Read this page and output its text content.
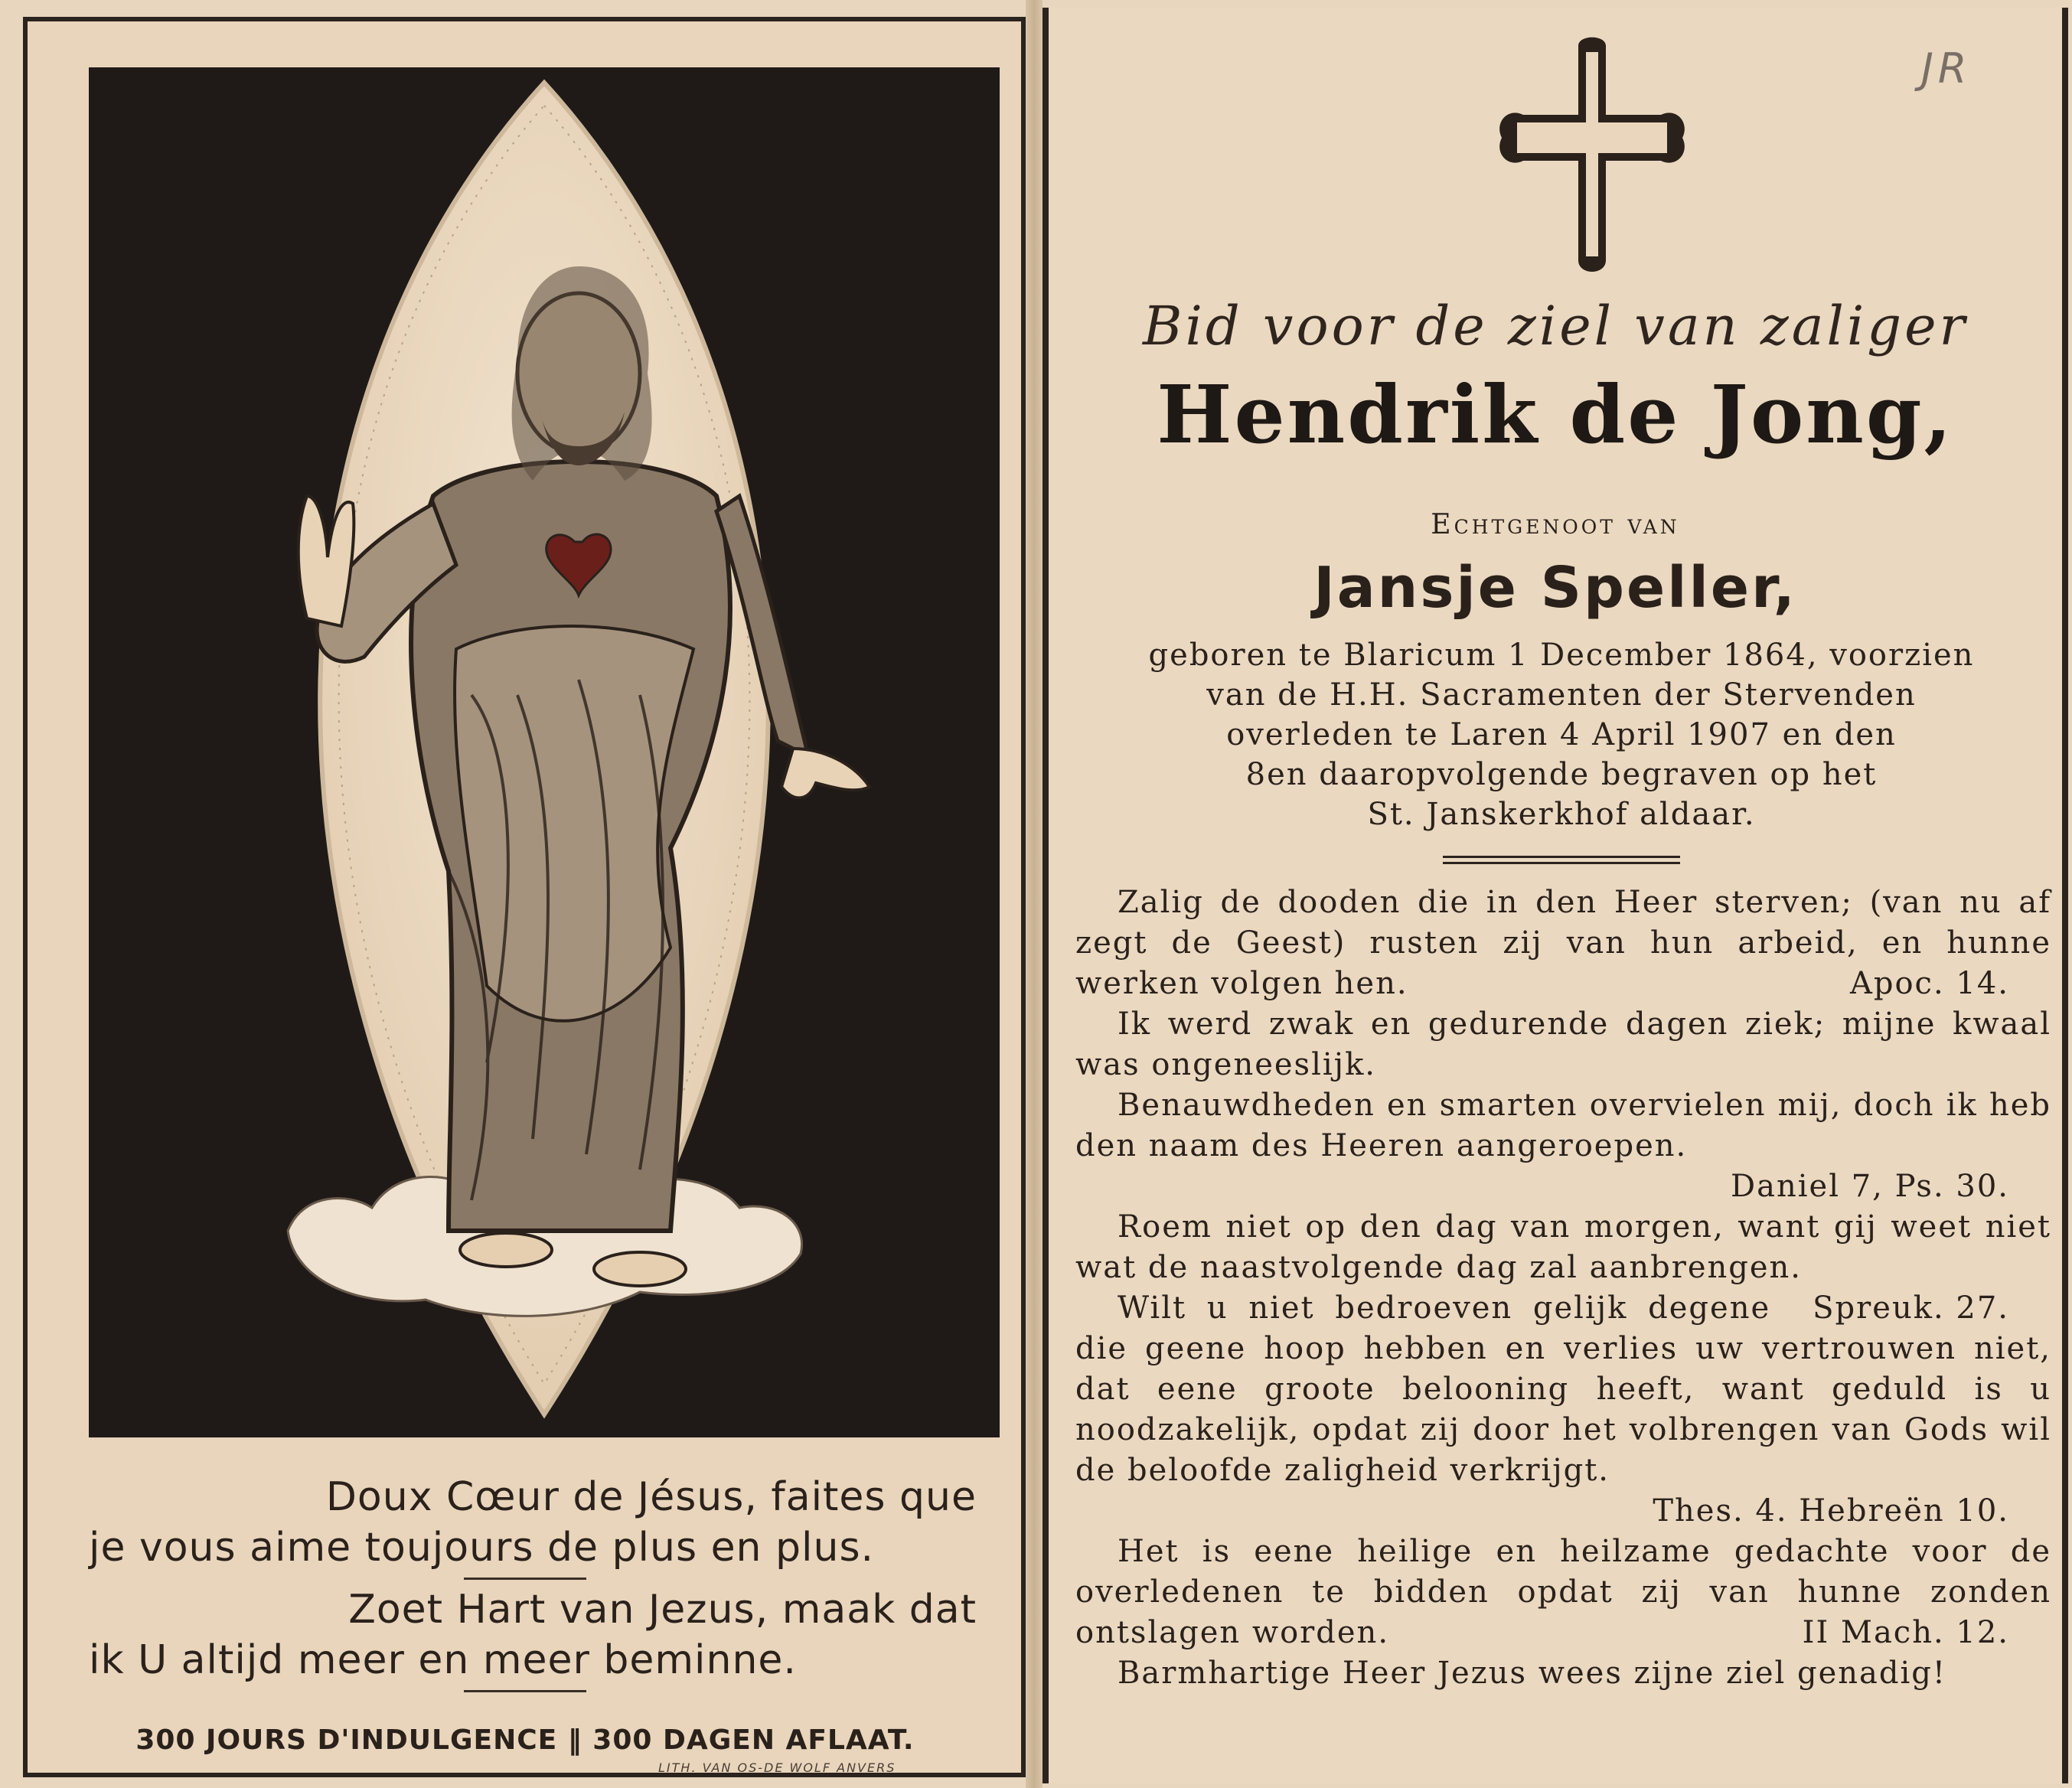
Doux Cœur de Jésus, faites que
je vous aime toujours de plus en plus.
Zoet Hart van Jezus, maak dat
ik U altijd meer en meer beminne.
300 JOURS D'INDULGENCE ‖ 300 DAGEN AFLAAT.
LITH. VAN OS-DE WOLF ANVERS
JR
Bid voor de ziel van zaliger
Hendrik de Jong,
Echtgenoot van
Jansje Speller,
geboren te Blaricum 1 December 1864, voorzien
van de H.H. Sacramenten der Stervenden
overleden te Laren 4 April 1907 en den
8en daaropvolgende begraven op het
St. Janskerkhof aldaar.
Zalig de dooden die in den Heer sterven; (van nu af zegt de Geest) rusten zij van hun arbeid, en hunne werken volgen hen.	Apoc. 14.
Ik werd zwak en gedurende dagen ziek; mijne kwaal was ongeneeslijk.
Benauwdheden en smarten overvielen mij, doch ik heb den naam des Heeren aangeroepen.
Daniel 7, Ps. 30.
Roem niet op den dag van morgen, want gij weet niet wat de naastvolgende dag zal aanbrengen.
Spreuk. 27.
Wilt u niet bedroeven gelijk degene die geene hoop hebben en verlies uw vertrouwen niet, dat eene groote belooning heeft, want geduld is u noodzakelijk, opdat zij door het volbrengen van Gods wil de beloofde zaligheid verkrijgt.
Thes. 4. Hebreën 10.
Het is eene heilige en heilzame gedachte voor de overledenen te bidden opdat zij van hunne zonden ontslagen worden.	II Mach. 12.
Barmhartige Heer Jezus wees zijne ziel genadig!
